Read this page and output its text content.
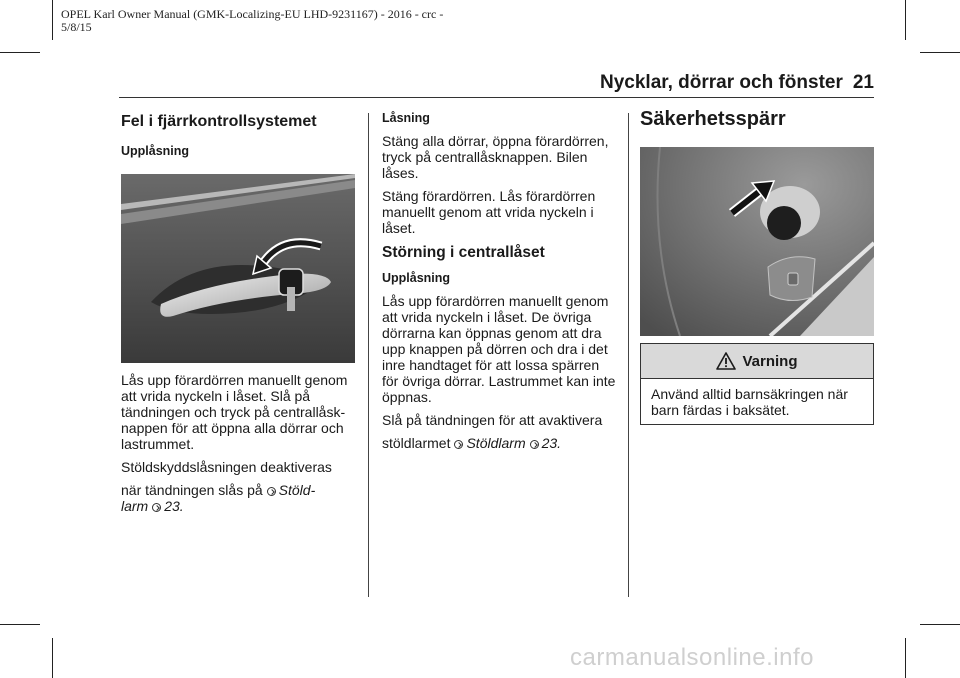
OPEL Karl Owner Manual (GMK-Localizing-EU LHD-9231167) - 2016 - crc -
5/8/15
Nycklar, dörrar och fönster 21
Fel i fjärrkontrollsystemet
Upplåsning

Lås upp förardörren manuellt genom att vrida nyckeln i låset. Slå på tändningen och tryck på centrallåsk-nappen för att öppna alla dörrar och lastrummet.

Stöldskyddslåsningen deaktiveras

när tändningen slås på Stöld-
larm 23.
Låsning

Stäng alla dörrar, öppna förardörren, tryck på centrallåsknappen. Bilen låses.

Stäng förardörren. Lås förardörren manuellt genom att vrida nyckeln i låset.

Störning i centrallåset
Upplåsning

Lås upp förardörren manuellt genom att vrida nyckeln i låset. De övriga dörrarna kan öppnas genom att dra upp knappen på dörren och dra i det inre handtaget för att lossa spärren för övriga dörrar. Lastrummet kan inte öppnas.

Slå på tändningen för att avaktivera

stöldlarmet Stöldlarm 23.
Säkerhetsspärr
Varning
Använd alltid barnsäkringen när barn färdas i baksätet.
carmanualsonline.info
